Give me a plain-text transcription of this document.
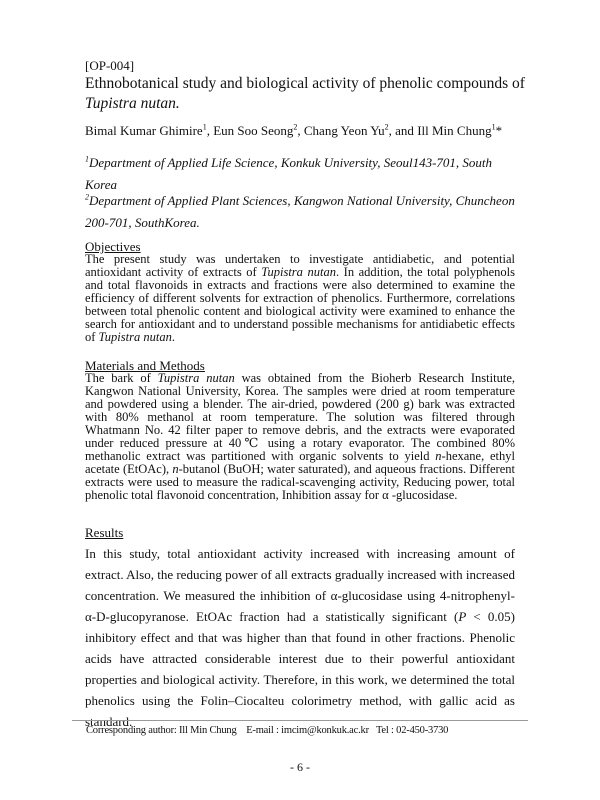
[OP-004]
Ethnobotanical study and biological activity of phenolic compounds of Tupistra nutan.
Bimal Kumar Ghimire$^1$, Eun Soo Seong$^2$, Chang Yeon Yu$^2$, and Ill Min Chung$^1$*
$^1$Department of Applied Life Science, Konkuk University, Seoul143-701, South Korea
$^2$Department of Applied Plant Sciences, Kangwon National University, Chuncheon 200-701, SouthKorea.
Objectives
The present study was undertaken to investigate antidiabetic, and potential antioxidant activity of extracts of Tupistra nutan. In addition, the total polyphenols and total flavonoids in extracts and fractions were also determined to examine the efficiency of different solvents for extraction of phenolics. Furthermore, correlations between total phenolic content and biological activity were examined to enhance the search for antioxidant and to understand possible mechanisms for antidiabetic effects of Tupistra nutan.
Materials and Methods
The bark of Tupistra nutan was obtained from the Bioherb Research Institute, Kangwon National University, Korea. The samples were dried at room temperature and powdered using a blender. The air-dried, powdered (200 g) bark was extracted with 80% methanol at room temperature. The solution was filtered through Whatmann No. 42 filter paper to remove debris, and the extracts were evaporated under reduced pressure at 40℃ using a rotary evaporator. The combined 80% methanolic extract was partitioned with organic solvents to yield n-hexane, ethyl acetate (EtOAc), n-butanol (BuOH; water saturated), and aqueous fractions. Different extracts were used to measure the radical-scavenging activity, Reducing power, total phenolic total flavonoid concentration, Inhibition assay for α -glucosidase.
Results
In this study, total antioxidant activity increased with increasing amount of extract. Also, the reducing power of all extracts gradually increased with increased concentration. We measured the inhibition of α-glucosidase using 4-nitrophenyl-α-D-glucopyranose. EtOAc fraction had a statistically significant (P < 0.05) inhibitory effect and that was higher than that found in other fractions. Phenolic acids have attracted considerable interest due to their powerful antioxidant properties and biological activity. Therefore, in this work, we determined the total phenolics using the Folin–Ciocalteu colorimetry method, with gallic acid as standard.
Corresponding author: Ill Min Chung E-mail : imcim@konkuk.ac.kr Tel : 02-450-3730
- 6 -
